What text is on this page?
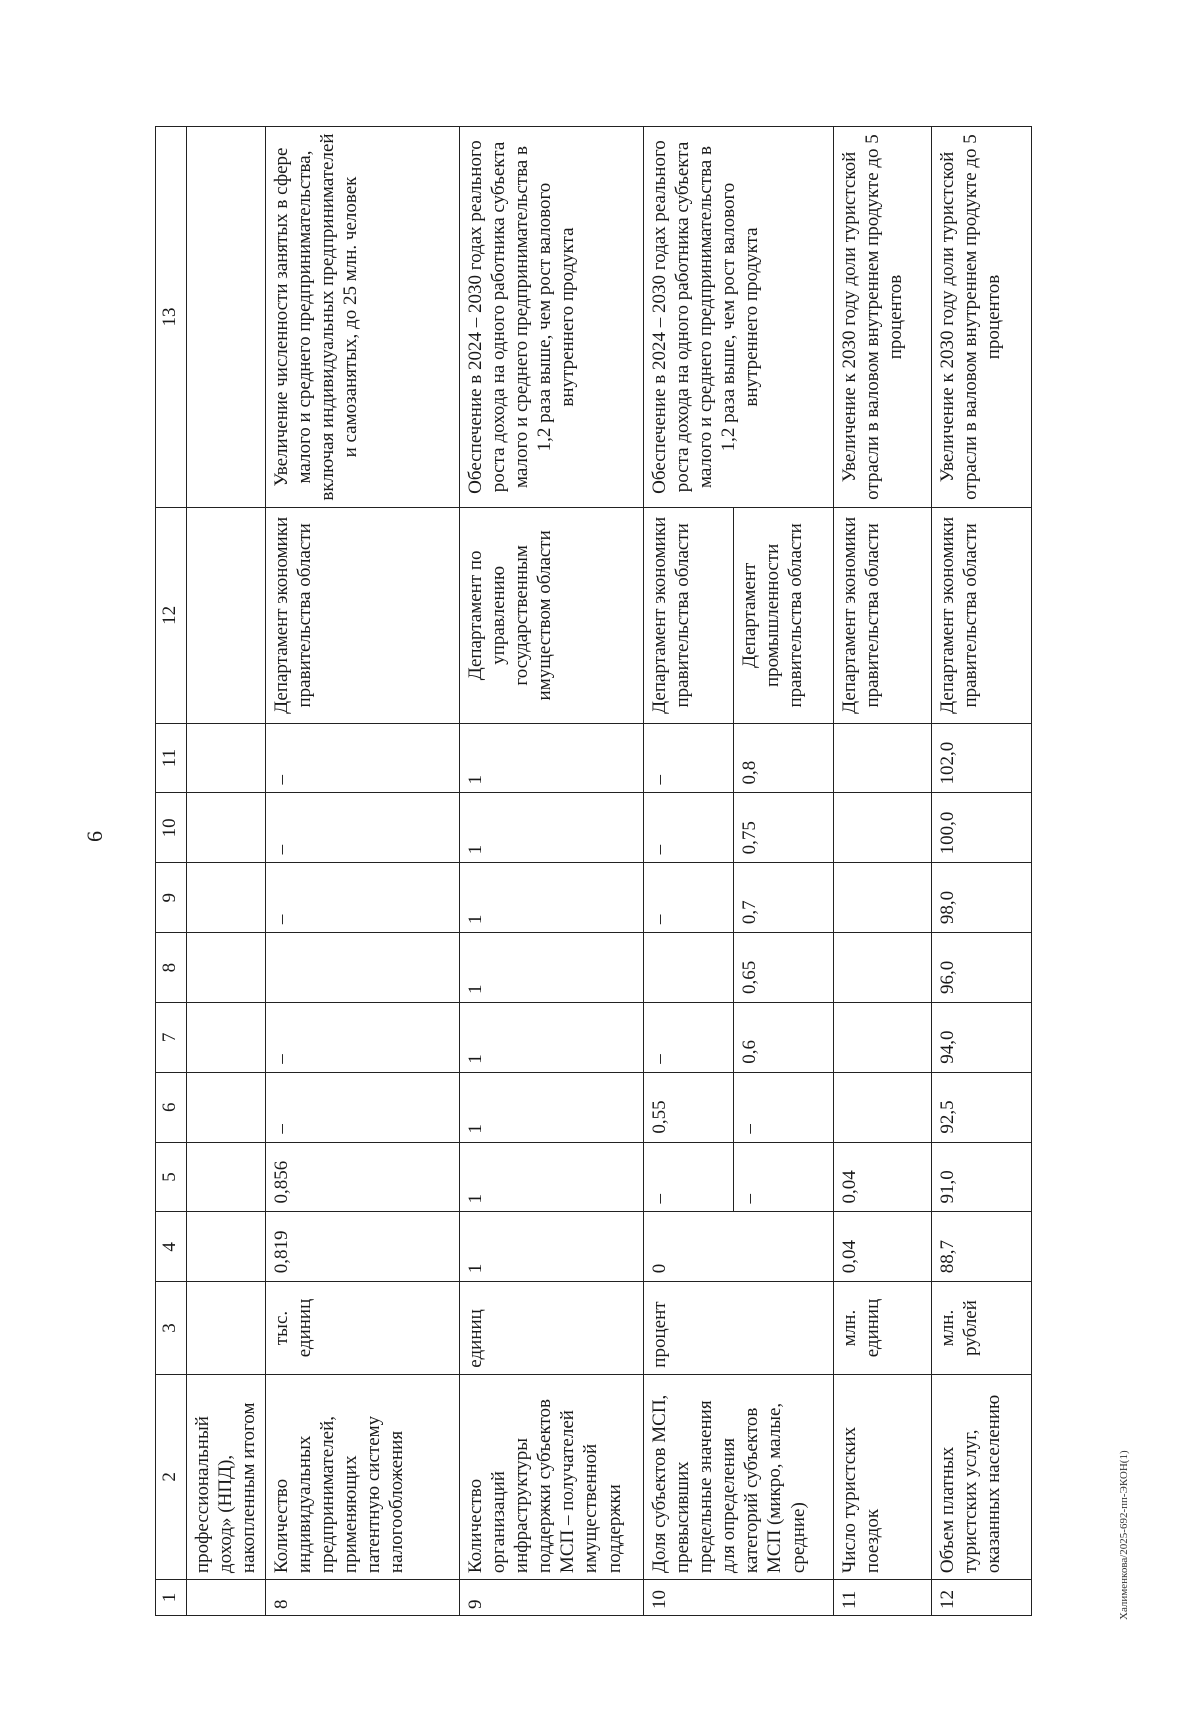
6
1	2	3	4	5	6	7	8	9	10	11	12	13
	профессиональный доход» (НПД), накопленным итогом											
8	Количество индивидуальных предпринимателей, применяющих патентную систему налогообложения	тыс. единиц	0,819	0,856	–	–		–	–	–	Департамент экономики правительства области	Увеличение численности занятых в сфере малого и среднего предпринимательства, включая индивидуальных предпринимателей и самозанятых, до 25 млн. человек
9	Количество организаций инфраструктуры поддержки субъектов МСП – получателей имущественной поддержки	единиц	1	1	1	1	1	1	1	1	Департамент по управлению государственным имуществом области	Обеспечение в 2024 – 2030 годах реального роста дохода на одного работника субъекта малого и среднего предпринимательства в 1,2 раза выше, чем рост валового внутреннего продукта
10	Доля субъектов МСП, превысивших предельные значения для определения категорий субъектов МСП (микро, малые, средние)	процент	0	–	0,55	–		–	–	–	Департамент экономики правительства области	Обеспечение в 2024 – 2030 годах реального роста дохода на одного работника субъекта малого и среднего предпринимательства в 1,2 раза выше, чем рост валового внутреннего продукта
				–	–	0,6	0,65	0,7	0,75	0,8	Департамент промышленности правительства области	
11	Число туристских поездок	млн. единиц	0,04	0,04							Департамент экономики правительства области	Увеличение к 2030 году доли туристской отрасли в валовом внутреннем продукте до 5 процентов
12	Объем платных туристских услуг, оказанных населению	млн. рублей	88,7	91,0	92,5	94,0	96,0	98,0	100,0	102,0	Департамент экономики правительства области	Увеличение к 2030 году доли туристской отрасли в валовом внутреннем продукте до 5 процентов
Халименкова/2025-692-пп-ЭКОН(1)
